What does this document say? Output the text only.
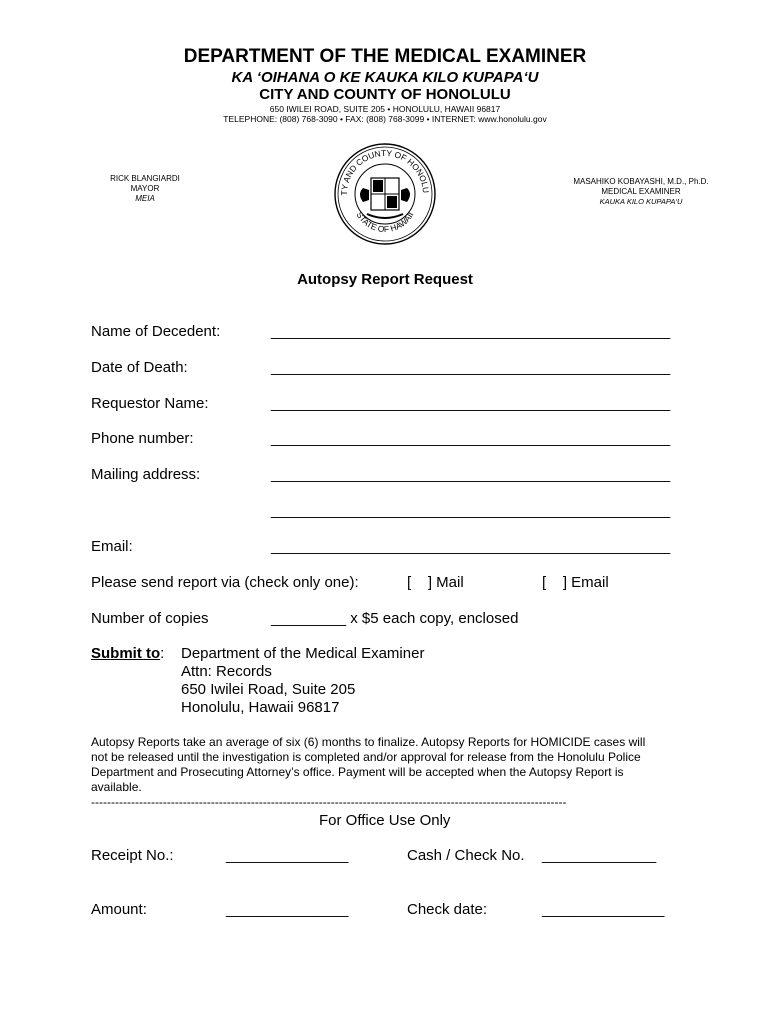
DEPARTMENT OF THE MEDICAL EXAMINER
KA ‘OIHANA O KE KAUKA KILO KUPAPA‘U
CITY AND COUNTY OF HONOLULU
650 IWILEI ROAD, SUITE 205 • HONOLULU, HAWAII 96817
TELEPHONE: (808) 768-3090 • FAX: (808) 768-3099 • INTERNET: www.honolulu.gov
RICK BLANGIARDI
MAYOR
MEIA
TY AND COUNTY OF HONOLU
STATE OF HAWAII
MASAHIKO KOBAYASHI, M.D., Ph.D.
MEDICAL EXAMINER
KAUKA KILO KUPAPA‘U
Autopsy Report Request
Name of Decedent:	_________________________________________________
Date of Death:	_________________________________________________
Requestor Name:	_________________________________________________
Phone number:	_________________________________________________
Mailing address:	_________________________________________________
_________________________________________________
Email:	_________________________________________________
Please send report via (check only one):	[    ] Mail	[    ] Email
Number of copies	_________ x $5 each copy, enclosed
Submit to: Department of the Medical Examiner
Attn: Records
650 Iwilei Road, Suite 205
Honolulu, Hawaii 96817
Autopsy Reports take an average of six (6) months to finalize. Autopsy Reports for HOMICIDE cases will
not be released until the investigation is completed and/or approval for release from the Honolulu Police
Department and Prosecuting Attorney’s office. Payment will be accepted when the Autopsy Report is
available.
-----------------------------------------------------------------------------------------------------------------------
For Office Use Only
Receipt No.:	_______________	Cash / Check No. ______________
Amount:	_______________	Check date:	_______________
